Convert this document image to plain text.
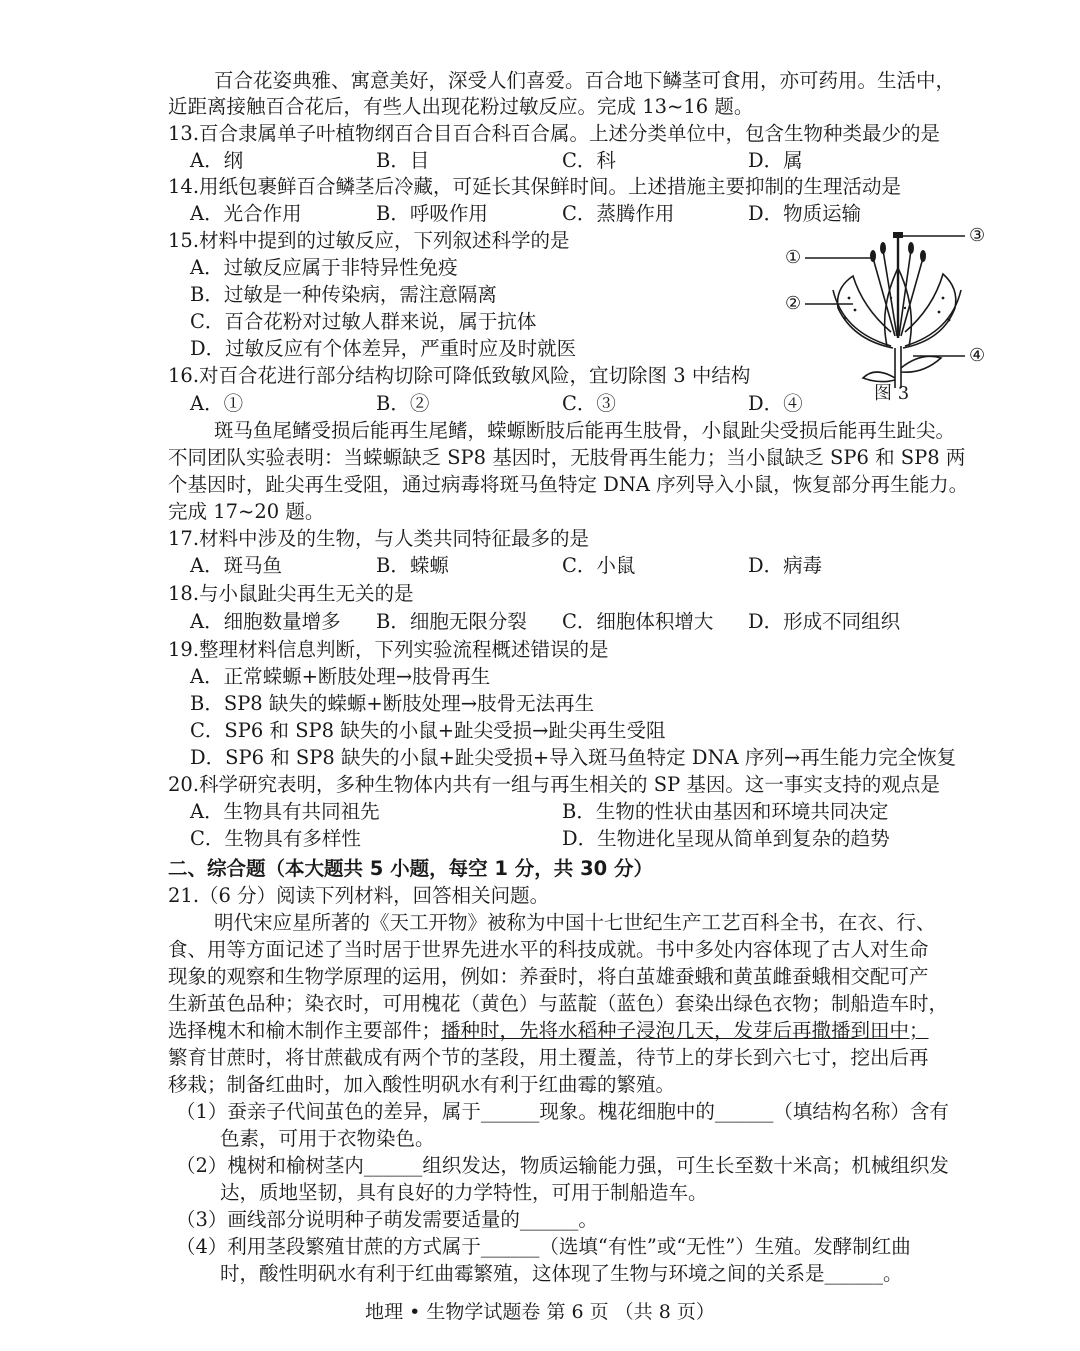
百合花姿典雅、寓意美好，深受人们喜爱。百合地下鳞茎可食用，亦可药用。生活中，
近距离接触百合花后，有些人出现花粉过敏反应。完成 13~16 题。
13.百合隶属单子叶植物纲百合目百合科百合属。上述分类单位中，包含生物种类最少的是
14.用纸包裹鲜百合鳞茎后冷藏，可延长其保鲜时间。上述措施主要抑制的生理活动是
15.材料中提到的过敏反应，下列叙述科学的是
A．过敏反应属于非特异性免疫
B．过敏是一种传染病，需注意隔离
C．百合花粉对过敏人群来说，属于抗体
D．过敏反应有个体差异，严重时应及时就医
16.对百合花进行部分结构切除可降低致敏风险，宜切除图 3 中结构
斑马鱼尾鳍受损后能再生尾鳍，蝾螈断肢后能再生肢骨，小鼠趾尖受损后能再生趾尖。
不同团队实验表明：当蝾螈缺乏 SP8 基因时，无肢骨再生能力；当小鼠缺乏 SP6 和 SP8 两
个基因时，趾尖再生受阻，通过病毒将斑马鱼特定 DNA 序列导入小鼠，恢复部分再生能力。
完成 17~20 题。
17.材料中涉及的生物，与人类共同特征最多的是
18.与小鼠趾尖再生无关的是
19.整理材料信息判断，下列实验流程概述错误的是
A．正常蝾螈+断肢处理→肢骨再生
B．SP8 缺失的蝾螈+断肢处理→肢骨无法再生
C．SP6 和 SP8 缺失的小鼠+趾尖受损→趾尖再生受阻
D．SP6 和 SP8 缺失的小鼠+趾尖受损+导入斑马鱼特定 DNA 序列→再生能力完全恢复
20.科学研究表明，多种生物体内共有一组与再生相关的 SP 基因。这一事实支持的观点是
二、综合题（本大题共 5 小题，每空 1 分，共 30 分）
21.（6 分）阅读下列材料，回答相关问题。
明代宋应星所著的《天工开物》被称为中国十七世纪生产工艺百科全书，在衣、行、
食、用等方面记述了当时居于世界先进水平的科技成就。书中多处内容体现了古人对生命
现象的观察和生物学原理的运用，例如：养蚕时，将白茧雄蚕蛾和黄茧雌蚕蛾相交配可产
生新茧色品种；染衣时，可用槐花（黄色）与蓝靛（蓝色）套染出绿色衣物；制船造车时，
繁育甘蔗时，将甘蔗截成有两个节的茎段，用土覆盖，待节上的芽长到六七寸，挖出后再
移栽；制备红曲时，加入酸性明矾水有利于红曲霉的繁殖。
（1）蚕亲子代间茧色的差异，属于______现象。槐花细胞中的______（填结构名称）含有
色素，可用于衣物染色。
（2）槐树和榆树茎内______组织发达，物质运输能力强，可生长至数十米高；机械组织发
达，质地坚韧，具有良好的力学特性，可用于制船造车。
（3）画线部分说明种子萌发需要适量的______。
（4）利用茎段繁殖甘蔗的方式属于______（选填“有性”或“无性”）生殖。发酵制红曲
时，酸性明矾水有利于红曲霉繁殖，这体现了生物与环境之间的关系是______。
A．纲	B．目	C．科	D．属
A．光合作用	B．呼吸作用	C．蒸腾作用	D．物质运输
A．①	B．②	C．③	D．④
A．斑马鱼	B．蝾螈	C．小鼠	D．病毒
A．细胞数量增多 B．细胞无限分裂 C．细胞体积增大 D．形成不同组织
A．生物具有共同祖先	B．生物的性状由基因和环境共同决定
C．生物具有多样性	D．生物进化呈现从简单到复杂的趋势
选择槐木和榆木制作主要部件；播种时，先将水稻种子浸泡几天，发芽后再撒播到田中；
①
②
③
④
图 3
地理 • 生物学试题卷 第 6 页 （共 8 页）
